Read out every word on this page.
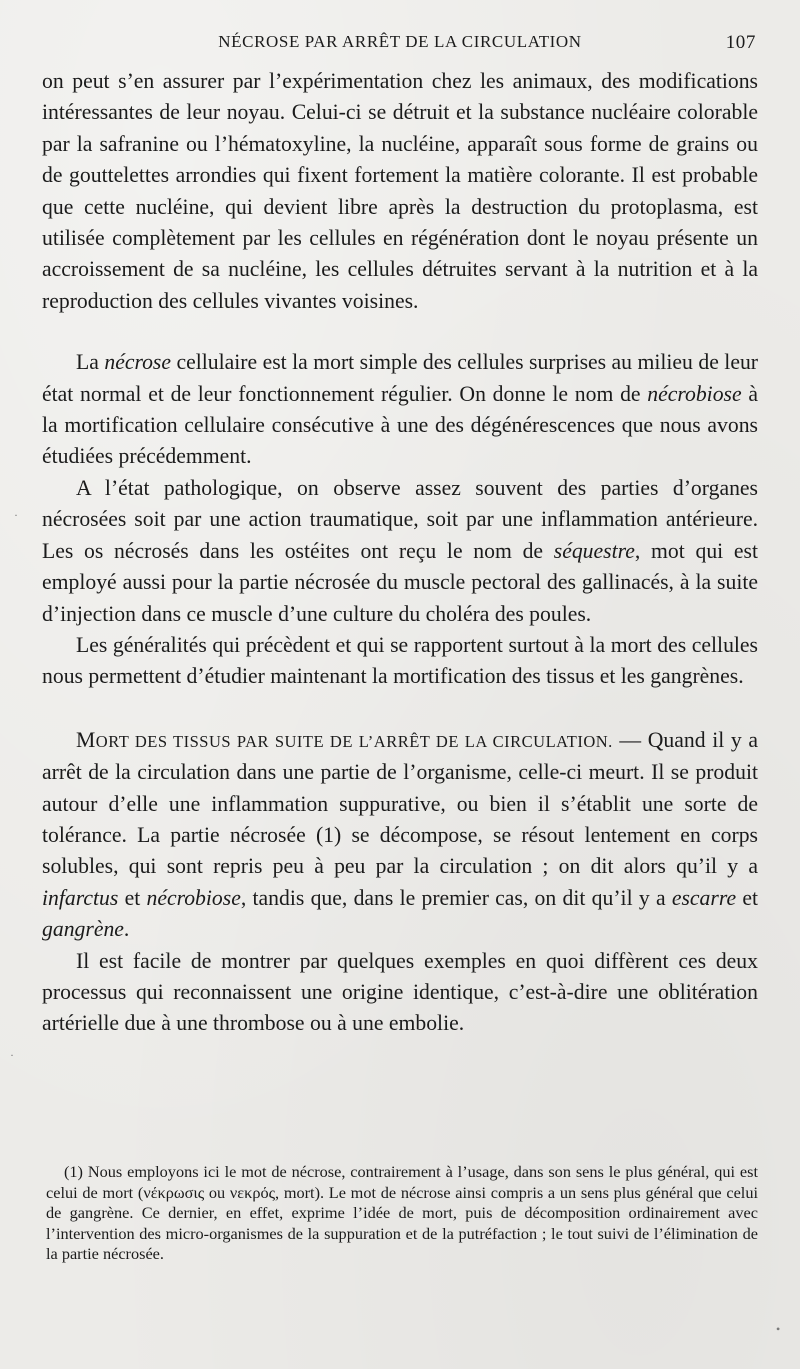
NÉCROSE PAR ARRÊT DE LA CIRCULATION	107

on peut s’en assurer par l’expérimentation chez les animaux, des modifications intéressantes de leur noyau. Celui-ci se détruit et la substance nucléaire colorable par la safranine ou l’hématoxyline, la nucléine, apparaît sous forme de grains ou de gouttelettes arrondies qui fixent fortement la matière colorante. Il est probable que cette nucléine, qui devient libre après la destruction du protoplasma, est utilisée complètement par les cellules en régénération dont le noyau présente un accroissement de sa nucléine, les cellules détruites servant à la nutrition et à la reproduction des cellules vivantes voisines.

La nécrose cellulaire est la mort simple des cellules surprises au milieu de leur état normal et de leur fonctionnement régulier. On donne le nom de nécrobiose à la mortification cellulaire consécutive à une des dégénérescences que nous avons étudiées précédemment.

A l’état pathologique, on observe assez souvent des parties d’organes nécrosées soit par une action traumatique, soit par une inflammation antérieure. Les os nécrosés dans les ostéites ont reçu le nom de séquestre, mot qui est employé aussi pour la partie nécrosée du muscle pectoral des gallinacés, à la suite d’injection dans ce muscle d’une culture du choléra des poules.

Les généralités qui précèdent et qui se rapportent surtout à la mort des cellules nous permettent d’étudier maintenant la mortification des tissus et les gangrènes.

MORT DES TISSUS PAR SUITE DE L’ARRÊT DE LA CIRCULATION. — Quand il y a arrêt de la circulation dans une partie de l’organisme, celle-ci meurt. Il se produit autour d’elle une inflammation suppurative, ou bien il s’établit une sorte de tolérance. La partie nécrosée (1) se décompose, se résout lentement en corps solubles, qui sont repris peu à peu par la circulation ; on dit alors qu’il y a infarctus et nécrobiose, tandis que, dans le premier cas, on dit qu’il y a escarre et gangrène.

Il est facile de montrer par quelques exemples en quoi diffèrent ces deux processus qui reconnaissent une origine identique, c’est-à-dire une oblitération artérielle due à une thrombose ou à une embolie.

(1) Nous employons ici le mot de nécrose, contrairement à l’usage, dans son sens le plus général, qui est celui de mort (νέκρωσις ou νεκρός, mort). Le mot de nécrose ainsi compris a un sens plus général que celui de gangrène. Ce dernier, en effet, exprime l’idée de mort, puis de décomposition ordinairement avec l’intervention des micro-organismes de la suppuration et de la putréfaction ; le tout suivi de l’élimination de la partie nécrosée.

·
·
•
